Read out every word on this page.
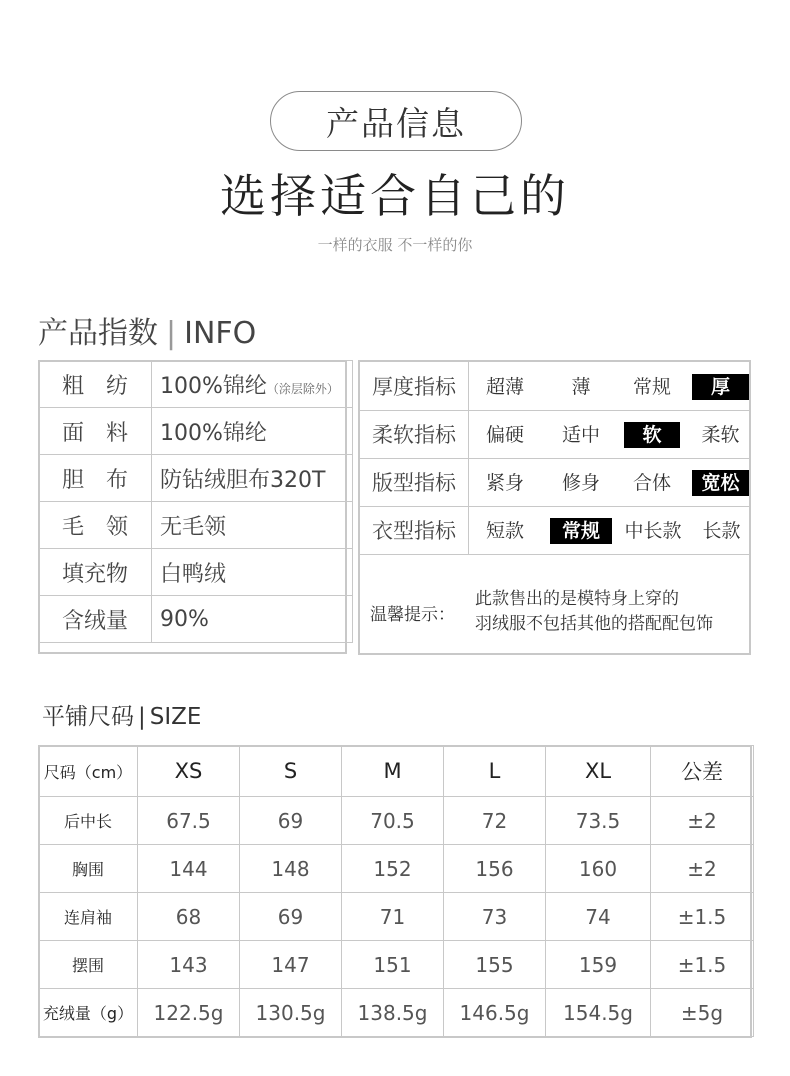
产品信息
选择适合自己的
一样的衣服 不一样的你
产品指数 | INFO
粗　纺	100%锦纶（涂层除外）
面　料	100%锦纶
胆　布	防钻绒胆布320T
毛　领	无毛领
填充物	白鸭绒
含绒量	90%
厚度指标	超薄	薄	常规	厚
柔软指标	偏硬	适中	软	柔软
版型指标	紧身	修身	合体	宽松
衣型指标	短款	常规	中长款	长款
温馨提示：
此款售出的是模特身上穿的
羽绒服不包括其他的搭配配包饰
平铺尺码 | SIZE
尺码（cm）	XS	S	M	L	XL	公差
后中长	67.5	69	70.5	72	73.5	±2
胸围	144	148	152	156	160	±2
连肩袖	68	69	71	73	74	±1.5
摆围	143	147	151	155	159	±1.5
充绒量（g）	122.5g	130.5g	138.5g	146.5g	154.5g	±5g
